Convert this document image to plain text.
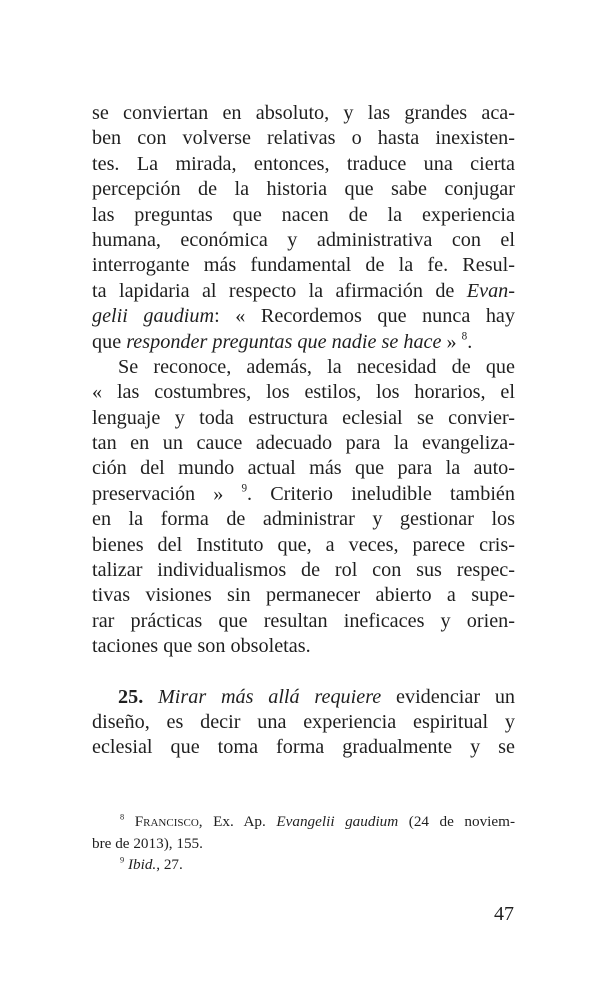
se conviertan en absoluto, y las grandes aca-
ben con volverse relativas o hasta inexisten-
tes. La mirada, entonces, traduce una cierta
percepción de la historia que sabe conjugar
las preguntas que nacen de la experiencia
humana, económica y administrativa con el
interrogante más fundamental de la fe. Resul-
ta lapidaria al respecto la afirmación de Evan-
gelii gaudium: « Recordemos que nunca hay
que responder preguntas que nadie se hace » $^8$.
Se reconoce, además, la necesidad de que
« las costumbres, los estilos, los horarios, el
lenguaje y toda estructura eclesial se convier-
tan en un cauce adecuado para la evangeliza-
ción del mundo actual más que para la auto-
preservación » $^9$. Criterio ineludible también
en la forma de administrar y gestionar los
bienes del Instituto que, a veces, parece cris-
talizar individualismos de rol con sus respec-
tivas visiones sin permanecer abierto a supe-
rar prácticas que resultan ineficaces y orien-
taciones que son obsoletas.
25. Mirar más allá requiere evidenciar un
diseño, es decir una experiencia espiritual y
eclesial que toma forma gradualmente y se
$^8$ Francisco, Ex. Ap. Evangelii gaudium (24 de noviem-
bre de 2013), 155.
$^9$ Ibid., 27.
47
